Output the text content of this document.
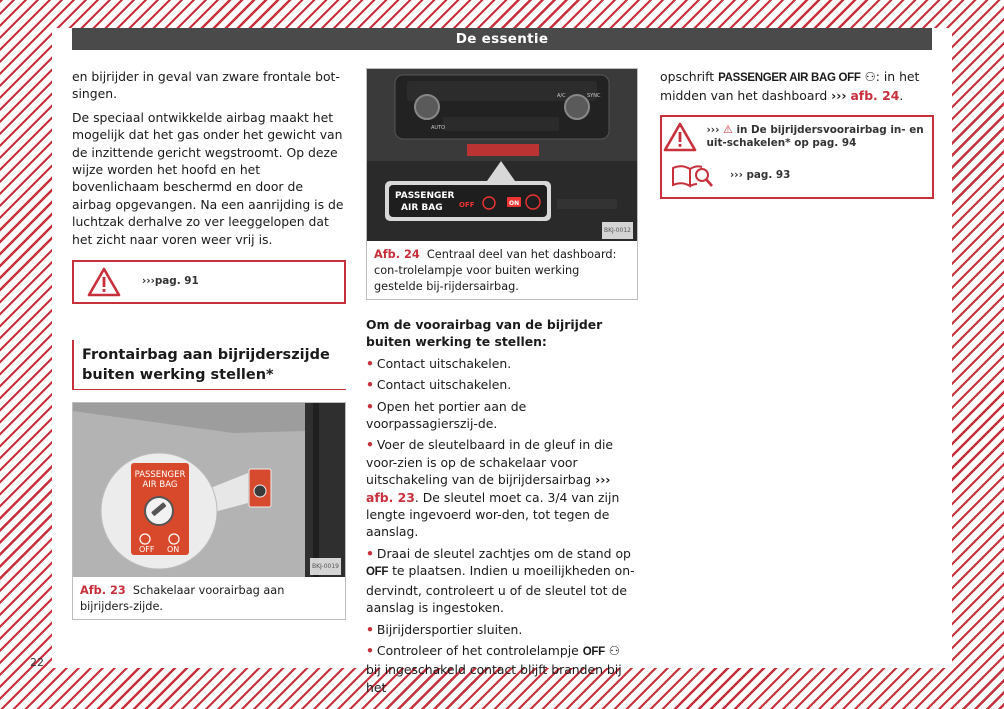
De essentie

en bijrijder in geval van zware frontale bot-singen.

De speciaal ontwikkelde airbag maakt het mogelijk dat het gas onder het gewicht van de inzittende gericht wegstroomt. Op deze wijze worden het hoofd en het bovenlichaam beschermd en door de airbag opgevangen. Na een aanrijding is de luchtzak derhalve zo ver leeggelopen dat het zicht naar voren weer vrij is.

›››pag. 91
Frontairbag aan bijrijderszijde buiten werking stellen*
PASSENGER
AIR BAG
OFF ON
BKJ-0019
Afb. 23 Schakelaar voorairbag aan bijrijders-zijde.
AUTO
A/C	SYNC
PASSENGER
AIR BAG OFF	ON
BKJ-0012
Afb. 24 Centraal deel van het dashboard: con-trolelampje voor buiten werking gestelde bij-rijdersairbag.
Om de voorairbag van de bijrijder buiten werking te stellen:
• Contact uitschakelen.
• Contact uitschakelen.
• Open het portier aan de voorpassagierszij-de.
• Voer de sleutelbaard in de gleuf in die voor-zien is op de schakelaar voor uitschakeling van de bijrijdersairbag ››› afb. 23. De sleutel moet ca. 3/4 van zijn lengte ingevoerd wor-den, tot tegen de aanslag.
• Draai de sleutel zachtjes om de stand op OFF te plaatsen. Indien u moeilijkheden on-dervindt, controleert u of de sleutel tot de aanslag is ingestoken.
• Bijrijdersportier sluiten.
• Controleer of het controlelampje OFF ⚇ bij ingeschakeld contact blijft branden bij het

opschrift PASSENGER AIR BAG OFF ⚇: in het midden van het dashboard ››› afb. 24.

››› ⚠ in De bijrijdersvoorairbag in- en uit-schakelen* op pag. 94
››› pag. 93
22
